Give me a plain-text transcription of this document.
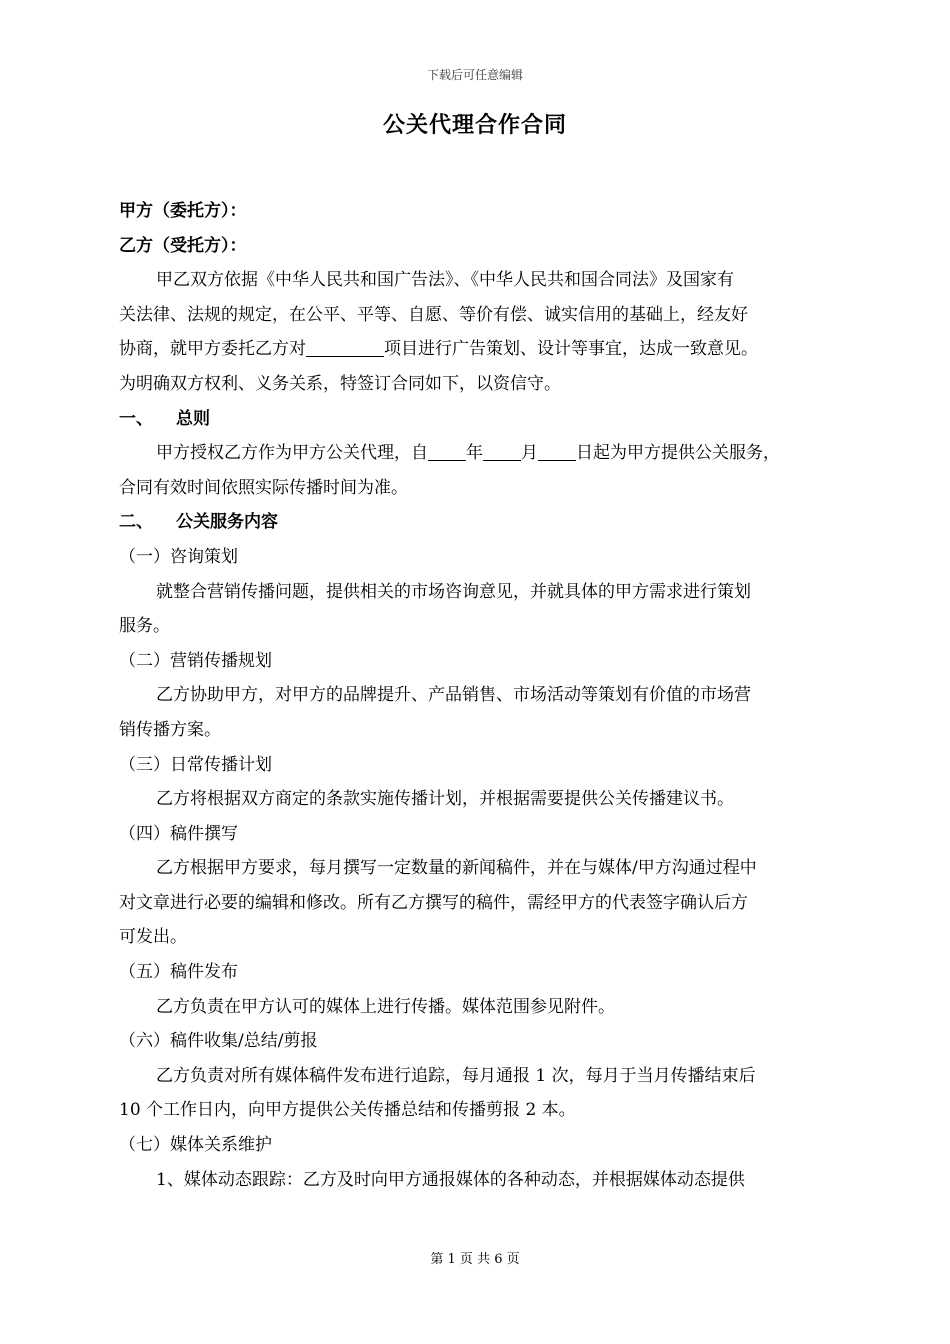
下载后可任意编辑
公关代理合作合同
甲方（委托方）：
乙方（受托方）：
甲乙双方依据《中华人民共和国广告法》、《中华人民共和国合同法》及国家有
关法律、法规的规定，在公平、平等、自愿、等价有偿、诚实信用的基础上，经友好
协商，就甲方委托乙方对	项目进行广告策划、设计等事宜，达成一致意见。
为明确双方权利、义务关系，特签订合同如下，以资信守。
一、 总则
甲方授权乙方作为甲方公关代理，自 年 月 日起为甲方提供公关服务，
合同有效时间依照实际传播时间为准。
二、 公关服务内容
（一）咨询策划
就整合营销传播问题，提供相关的市场咨询意见，并就具体的甲方需求进行策划
服务。
（二）营销传播规划
乙方协助甲方，对甲方的品牌提升、产品销售、市场活动等策划有价值的市场营
销传播方案。
（三）日常传播计划
乙方将根据双方商定的条款实施传播计划，并根据需要提供公关传播建议书。
（四）稿件撰写
乙方根据甲方要求，每月撰写一定数量的新闻稿件，并在与媒体/甲方沟通过程中
对文章进行必要的编辑和修改。所有乙方撰写的稿件，需经甲方的代表签字确认后方
可发出。
（五）稿件发布
乙方负责在甲方认可的媒体上进行传播。媒体范围参见附件。
（六）稿件收集/总结/剪报
乙方负责对所有媒体稿件发布进行追踪，每月通报 1 次，每月于当月传播结束后
10 个工作日内，向甲方提供公关传播总结和传播剪报 2 本。
（七）媒体关系维护
1、媒体动态跟踪：乙方及时向甲方通报媒体的各种动态，并根据媒体动态提供
第 1 页 共 6 页
